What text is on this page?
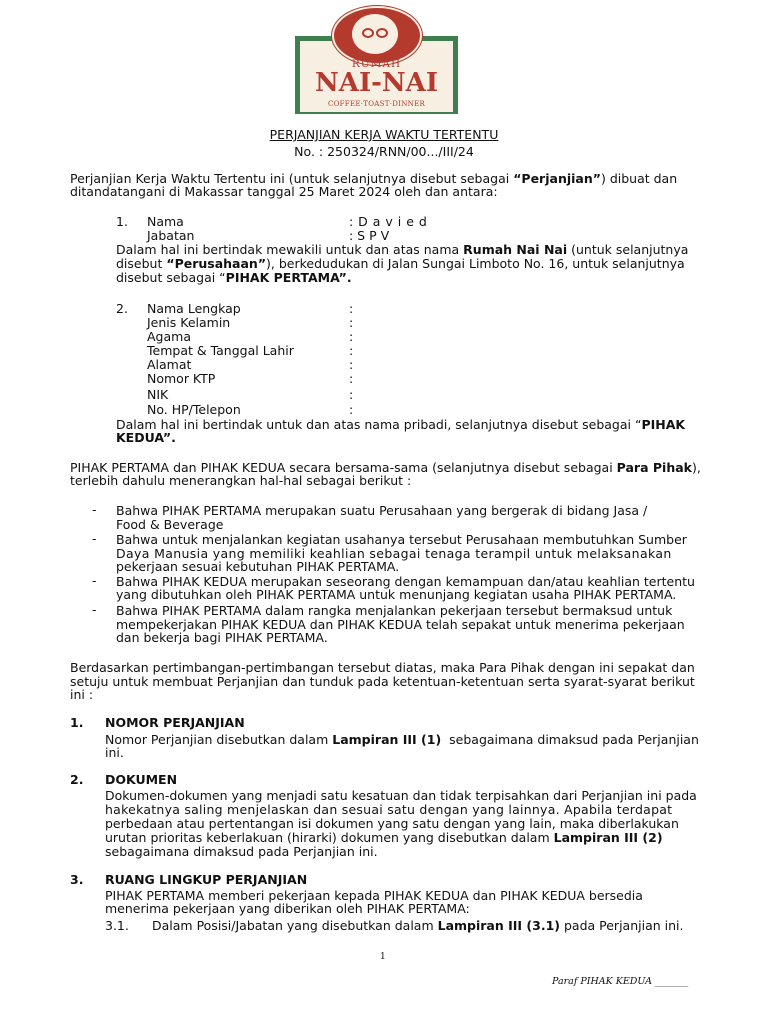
RUMAH
NAI-NAI
COFFEE·TOAST·DINNER
PERJANJIAN KERJA WAKTU TERTENTU
No. : 250324/RNN/00.../III/24
Perjanjian Kerja Waktu Tertentu ini (untuk selanjutnya disebut sebagai “Perjanjian”) dibuat dan
ditandatangani di Makassar tanggal 25 Maret 2024 oleh dan antara:
1. Nama	: D a v i e d
Jabatan	: S P V
Dalam hal ini bertindak mewakili untuk dan atas nama Rumah Nai Nai (untuk selanjutnya
disebut “Perusahaan”), berkedudukan di Jalan Sungai Limboto No. 16, untuk selanjutnya
disebut sebagai “PIHAK PERTAMA”.
2. Nama Lengkap
Jenis Kelamin
Agama
Tempat & Tanggal Lahir
Alamat
Nomor KTP
NIK
No. HP/Telepon
:
:
:
:
:
:
:
:
Dalam hal ini bertindak untuk dan atas nama pribadi, selanjutnya disebut sebagai “PIHAK
KEDUA”.
PIHAK PERTAMA dan PIHAK KEDUA secara bersama-sama (selanjutnya disebut sebagai Para Pihak),
terlebih dahulu menerangkan hal-hal sebagai berikut :
- Bahwa PIHAK PERTAMA merupakan suatu Perusahaan yang bergerak di bidang Jasa /
Food & Beverage
- Bahwa untuk menjalankan kegiatan usahanya tersebut Perusahaan membutuhkan Sumber
Daya Manusia yang memiliki keahlian sebagai tenaga terampil untuk melaksanakan
pekerjaan sesuai kebutuhan PIHAK PERTAMA.
- Bahwa PIHAK KEDUA merupakan seseorang dengan kemampuan dan/atau keahlian tertentu
yang dibutuhkan oleh PIHAK PERTAMA untuk menunjang kegiatan usaha PIHAK PERTAMA.
- Bahwa PIHAK PERTAMA dalam rangka menjalankan pekerjaan tersebut bermaksud untuk
mempekerjakan PIHAK KEDUA dan PIHAK KEDUA telah sepakat untuk menerima pekerjaan
dan bekerja bagi PIHAK PERTAMA.
Berdasarkan pertimbangan-pertimbangan tersebut diatas, maka Para Pihak dengan ini sepakat dan
setuju untuk membuat Perjanjian dan tunduk pada ketentuan-ketentuan serta syarat-syarat berikut
ini :
1. NOMOR PERJANJIAN
Nomor Perjanjian disebutkan dalam Lampiran III (1) sebagaimana dimaksud pada Perjanjian
ini.
2. DOKUMEN
Dokumen-dokumen yang menjadi satu kesatuan dan tidak terpisahkan dari Perjanjian ini pada
hakekatnya saling menjelaskan dan sesuai satu dengan yang lainnya. Apabila terdapat
perbedaan atau pertentangan isi dokumen yang satu dengan yang lain, maka diberlakukan
urutan prioritas keberlakuan (hirarki) dokumen yang disebutkan dalam Lampiran III (2)
sebagaimana dimaksud pada Perjanjian ini.
3. RUANG LINGKUP PERJANJIAN
PIHAK PERTAMA memberi pekerjaan kepada PIHAK KEDUA dan PIHAK KEDUA bersedia
menerima pekerjaan yang diberikan oleh PIHAK PERTAMA:
3.1. Dalam Posisi/Jabatan yang disebutkan dalam Lampiran III (3.1) pada Perjanjian ini.
1
Paraf PIHAK KEDUA _______
